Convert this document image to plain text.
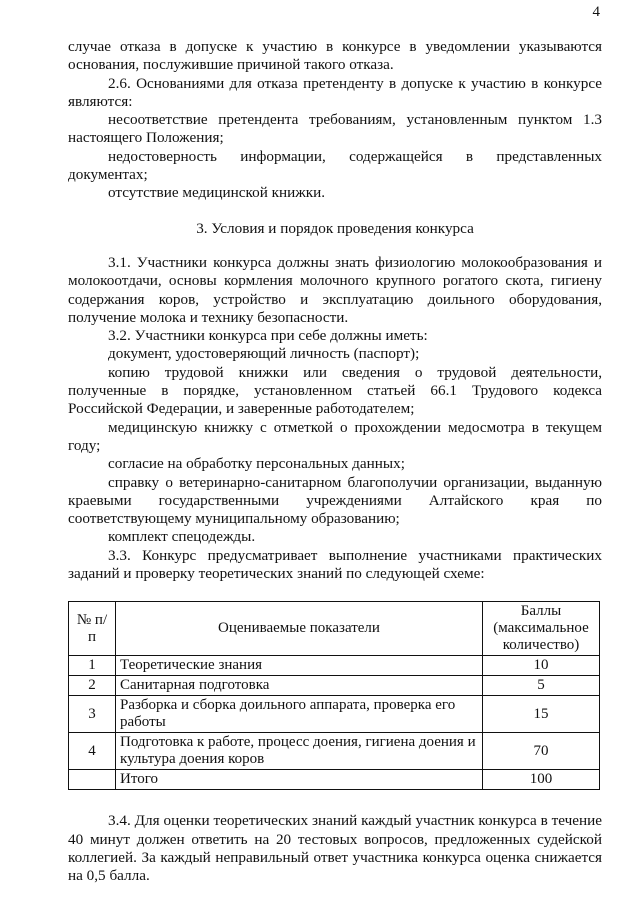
4

случае отказа в допуске к участию в конкурсе в уведомлении указываются основания, послужившие причиной такого отказа.

2.6. Основаниями для отказа претенденту в допуске к участию в конкурсе являются:

несоответствие претендента требованиям, установленным пунктом 1.3 настоящего Положения;

недостоверность информации, содержащейся в представленных документах;

отсутствие медицинской книжки.

3. Условия и порядок проведения конкурса

3.1. Участники конкурса должны знать физиологию молокообразования и молокоотдачи, основы кормления молочного крупного рогатого скота, гигиену содержания коров, устройство и эксплуатацию доильного оборудования, получение молока и технику безопасности.

3.2. Участники конкурса при себе должны иметь:

документ, удостоверяющий личность (паспорт);

копию трудовой книжки или сведения о трудовой деятельности, полученные в порядке, установленном статьей 66.1 Трудового кодекса Российской Федерации, и заверенные работодателем;

медицинскую книжку с отметкой о прохождении медосмотра в текущем году;

согласие на обработку персональных данных;

справку о ветеринарно-санитарном благополучии организации, выданную краевыми государственными учреждениями Алтайского края по соответствующему муниципальному образованию;

комплект спецодежды.

3.3. Конкурс предусматривает выполнение участниками практических заданий и проверку теоретических знаний по следующей схеме:

№ п/п	Оцениваемые показатели	Баллы (максимальное количество)
1	Теоретические знания	10
2	Санитарная подготовка	5
3	Разборка и сборка доильного аппарата, проверка его работы	15
4	Подготовка к работе, процесс доения, гигиена доения и культура доения коров	70
	Итого	100

3.4. Для оценки теоретических знаний каждый участник конкурса в течение 40 минут должен ответить на 20 тестовых вопросов, предложенных судейской коллегией. За каждый неправильный ответ участника конкурса оценка снижается на 0,5 балла.
